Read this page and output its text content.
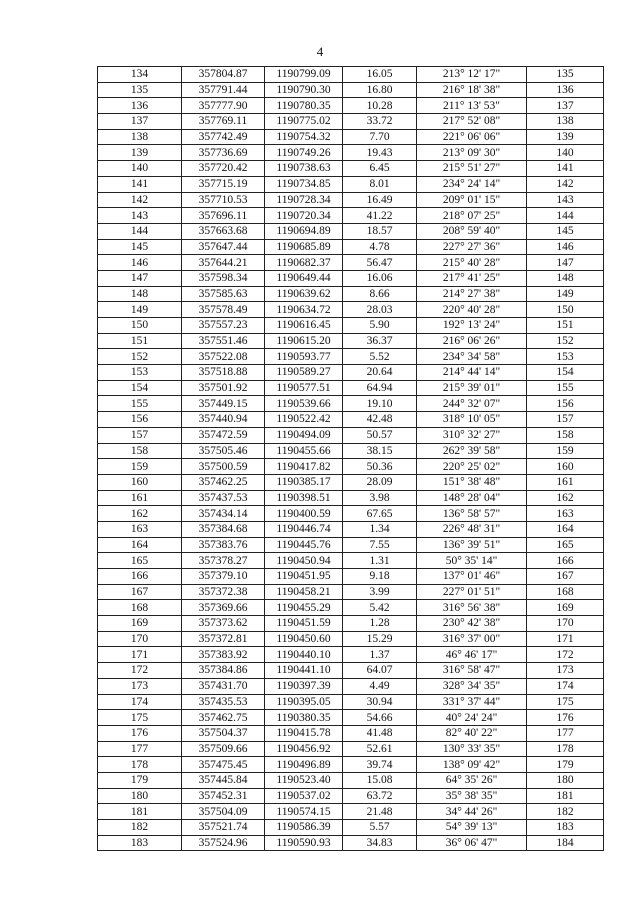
4
134	357804.87	1190799.09	16.05	213° 12' 17"	135
135	357791.44	1190790.30	16.80	216° 18' 38"	136
136	357777.90	1190780.35	10.28	211° 13' 53"	137
137	357769.11	1190775.02	33.72	217° 52' 08"	138
138	357742.49	1190754.32	7.70	221° 06' 06"	139
139	357736.69	1190749.26	19.43	213° 09' 30"	140
140	357720.42	1190738.63	6.45	215° 51' 27"	141
141	357715.19	1190734.85	8.01	234° 24' 14"	142
142	357710.53	1190728.34	16.49	209° 01' 15"	143
143	357696.11	1190720.34	41.22	218° 07' 25"	144
144	357663.68	1190694.89	18.57	208° 59' 40"	145
145	357647.44	1190685.89	4.78	227° 27' 36"	146
146	357644.21	1190682.37	56.47	215° 40' 28"	147
147	357598.34	1190649.44	16.06	217° 41' 25"	148
148	357585.63	1190639.62	8.66	214° 27' 38"	149
149	357578.49	1190634.72	28.03	220° 40' 28"	150
150	357557.23	1190616.45	5.90	192° 13' 24"	151
151	357551.46	1190615.20	36.37	216° 06' 26"	152
152	357522.08	1190593.77	5.52	234° 34' 58"	153
153	357518.88	1190589.27	20.64	214° 44' 14"	154
154	357501.92	1190577.51	64.94	215° 39' 01"	155
155	357449.15	1190539.66	19.10	244° 32' 07"	156
156	357440.94	1190522.42	42.48	318° 10' 05"	157
157	357472.59	1190494.09	50.57	310° 32' 27"	158
158	357505.46	1190455.66	38.15	262° 39' 58"	159
159	357500.59	1190417.82	50.36	220° 25' 02"	160
160	357462.25	1190385.17	28.09	151° 38' 48"	161
161	357437.53	1190398.51	3.98	148° 28' 04"	162
162	357434.14	1190400.59	67.65	136° 58' 57"	163
163	357384.68	1190446.74	1.34	226° 48' 31"	164
164	357383.76	1190445.76	7.55	136° 39' 51"	165
165	357378.27	1190450.94	1.31	50° 35' 14"	166
166	357379.10	1190451.95	9.18	137° 01' 46"	167
167	357372.38	1190458.21	3.99	227° 01' 51"	168
168	357369.66	1190455.29	5.42	316° 56' 38"	169
169	357373.62	1190451.59	1.28	230° 42' 38"	170
170	357372.81	1190450.60	15.29	316° 37' 00"	171
171	357383.92	1190440.10	1.37	46° 46' 17"	172
172	357384.86	1190441.10	64.07	316° 58' 47"	173
173	357431.70	1190397.39	4.49	328° 34' 35"	174
174	357435.53	1190395.05	30.94	331° 37' 44"	175
175	357462.75	1190380.35	54.66	40° 24' 24"	176
176	357504.37	1190415.78	41.48	82° 40' 22"	177
177	357509.66	1190456.92	52.61	130° 33' 35"	178
178	357475.45	1190496.89	39.74	138° 09' 42"	179
179	357445.84	1190523.40	15.08	64° 35' 26"	180
180	357452.31	1190537.02	63.72	35° 38' 35"	181
181	357504.09	1190574.15	21.48	34° 44' 26"	182
182	357521.74	1190586.39	5.57	54° 39' 13"	183
183	357524.96	1190590.93	34.83	36° 06' 47"	184
